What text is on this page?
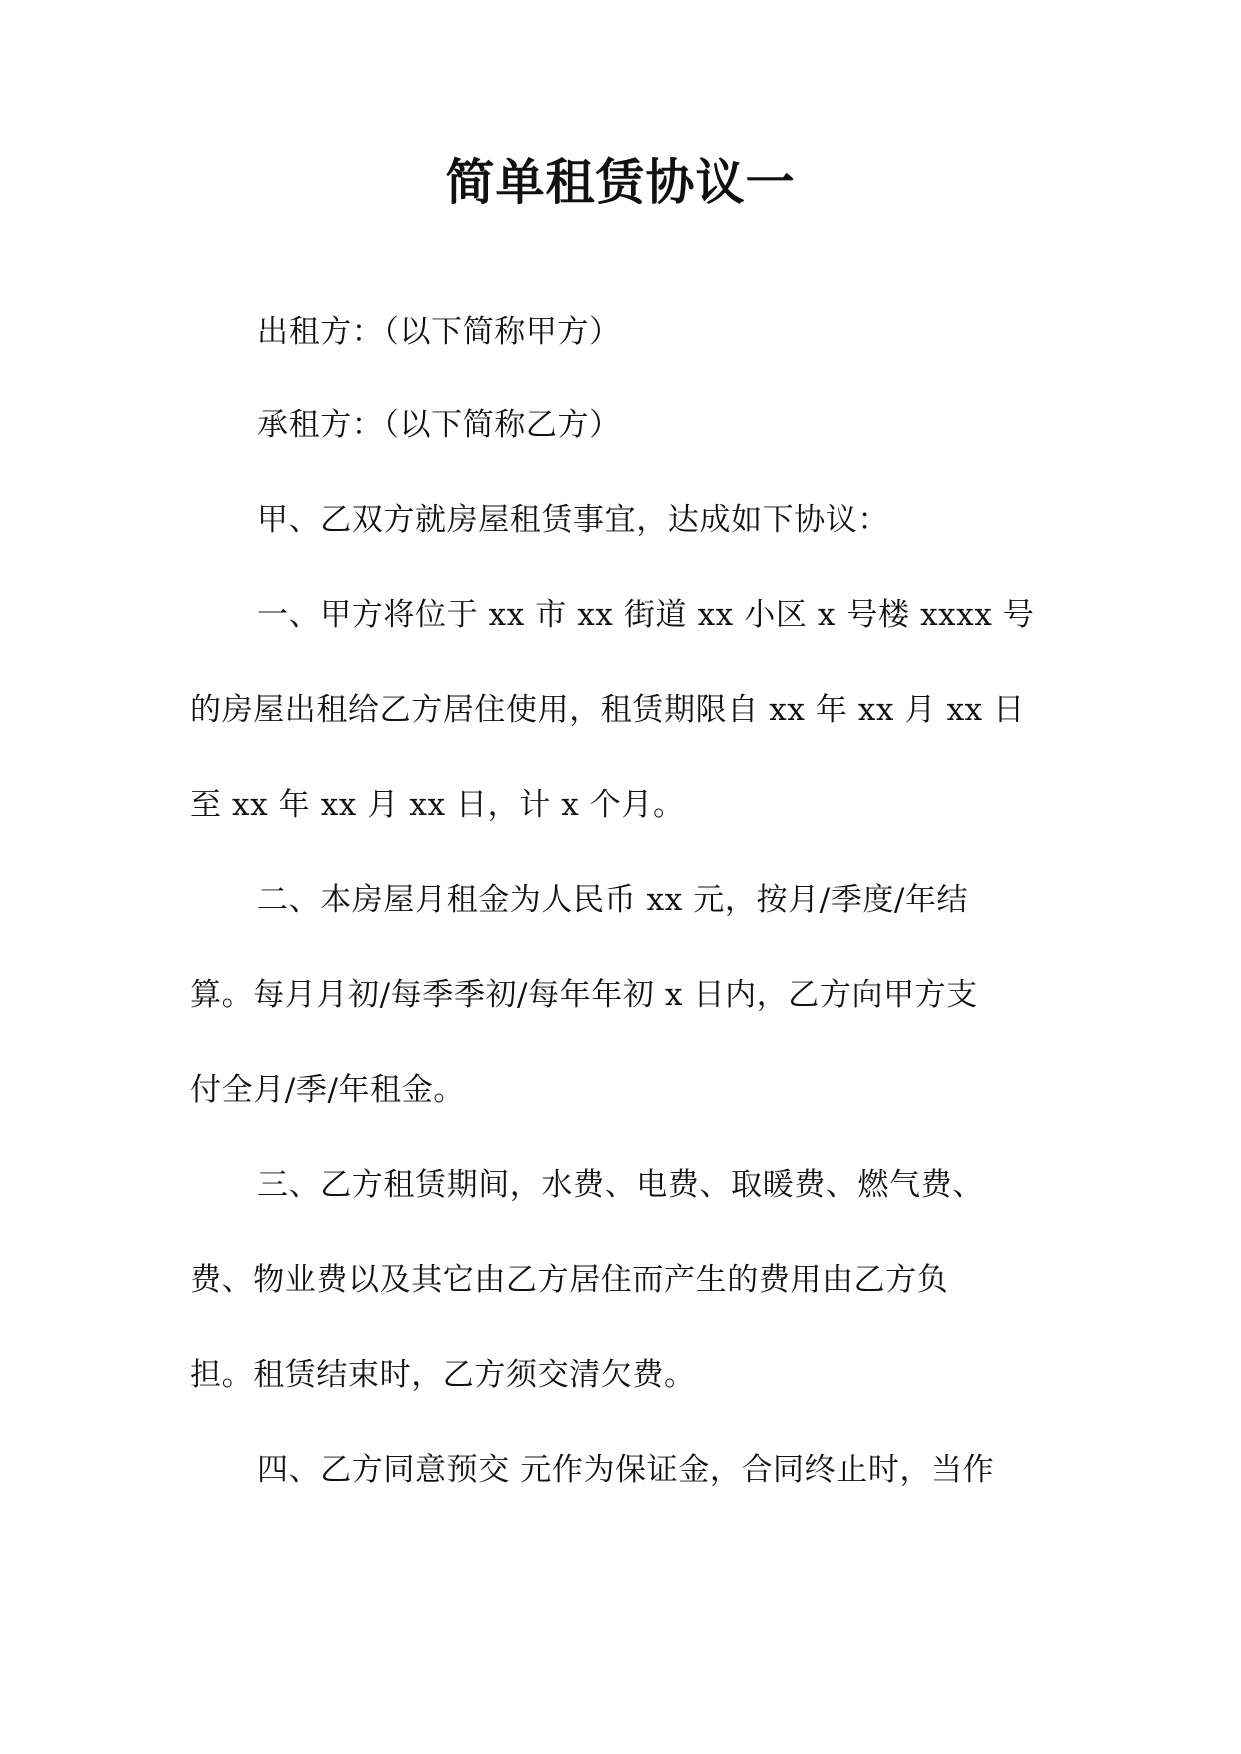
简单租赁协议一
出租方：（以下简称甲方）
承租方：（以下简称乙方）
甲、乙双方就房屋租赁事宜，达成如下协议：
一、甲方将位于 xx 市 xx 街道 xx 小区 x 号楼 xxxx 号
的房屋出租给乙方居住使用，租赁期限自 xx 年 xx 月 xx 日
至 xx 年 xx 月 xx 日，计 x 个月。
二、本房屋月租金为人民币 xx 元，按月/季度/年结
算。每月月初/每季季初/每年年初 x 日内，乙方向甲方支
付全月/季/年租金。
三、乙方租赁期间，水费、电费、取暖费、燃气费、
费、物业费以及其它由乙方居住而产生的费用由乙方负
担。租赁结束时，乙方须交清欠费。
四、乙方同意预交 元作为保证金，合同终止时，当作
